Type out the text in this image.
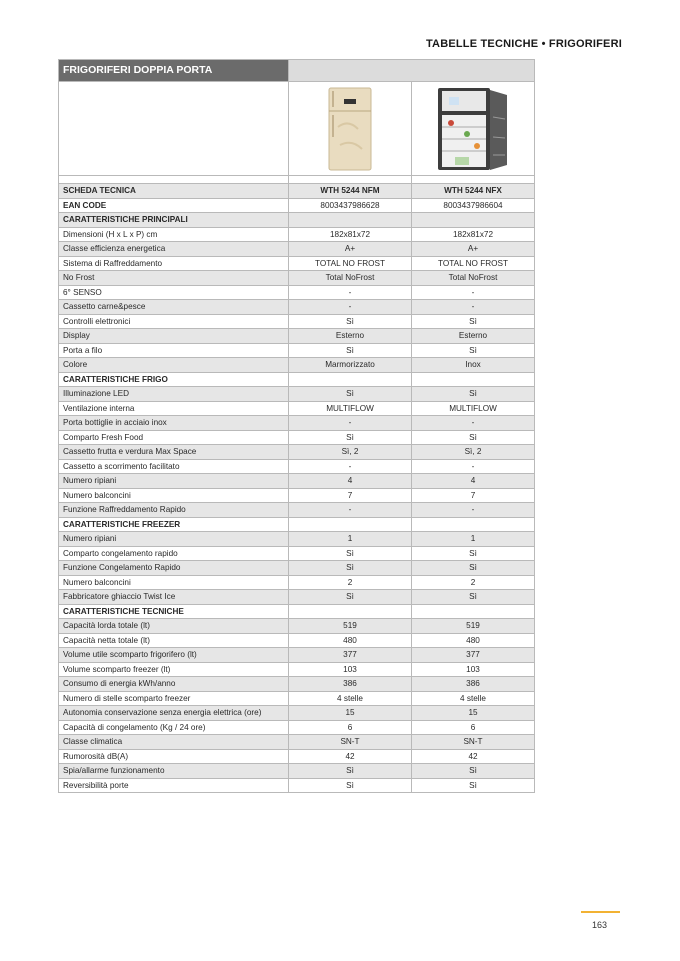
TABELLE TECNICHE • FRIGORIFERI
FRIGORIFERI DOPPIA PORTA		

SCHEDA TECNICA	WTH 5244 NFM	WTH 5244 NFX
EAN CODE	8003437986628	8003437986604
CARATTERISTICHE PRINCIPALI		
Dimensioni (H x L x P) cm	182x81x72	182x81x72
Classe efficienza energetica	A+	A+
Sistema di Raffreddamento	TOTAL NO FROST	TOTAL NO FROST
No Frost	Total NoFrost	Total NoFrost
6° SENSO	-	-
Cassetto carne&pesce	-	-
Controlli elettronici	Sì	Sì
Display	Esterno	Esterno
Porta a filo	Sì	Sì
Colore	Marmorizzato	Inox
CARATTERISTICHE FRIGO		
Illuminazione LED	Sì	Sì
Ventilazione interna	MULTIFLOW	MULTIFLOW
Porta bottiglie in acciaio inox	-	-
Comparto Fresh Food	Sì	Sì
Cassetto frutta e verdura Max Space	Sì, 2	Sì, 2
Cassetto a scorrimento facilitato	-	-
Numero ripiani	4	4
Numero balconcini	7	7
Funzione Raffreddamento Rapido	-	-
CARATTERISTICHE FREEZER		
Numero ripiani	1	1
Comparto congelamento rapido	Sì	Sì
Funzione Congelamento Rapido	Sì	Sì
Numero balconcini	2	2
Fabbricatore ghiaccio Twist Ice	Sì	Sì
CARATTERISTICHE TECNICHE		
Capacità lorda totale (lt)	519	519
Capacità netta totale (lt)	480	480
Volume utile scomparto frigorifero (lt)	377	377
Volume scomparto freezer (lt)	103	103
Consumo di energia kWh/anno	386	386
Numero di stelle scomparto freezer	4 stelle	4 stelle
Autonomia conservazione senza energia elettrica (ore)	15	15
Capacità di congelamento (Kg / 24 ore)	6	6
Classe climatica	SN-T	SN-T
Rumorosità dB(A)	42	42
Spia/allarme funzionamento	Sì	Sì
Reversibilità porte	Sì	Sì
163
